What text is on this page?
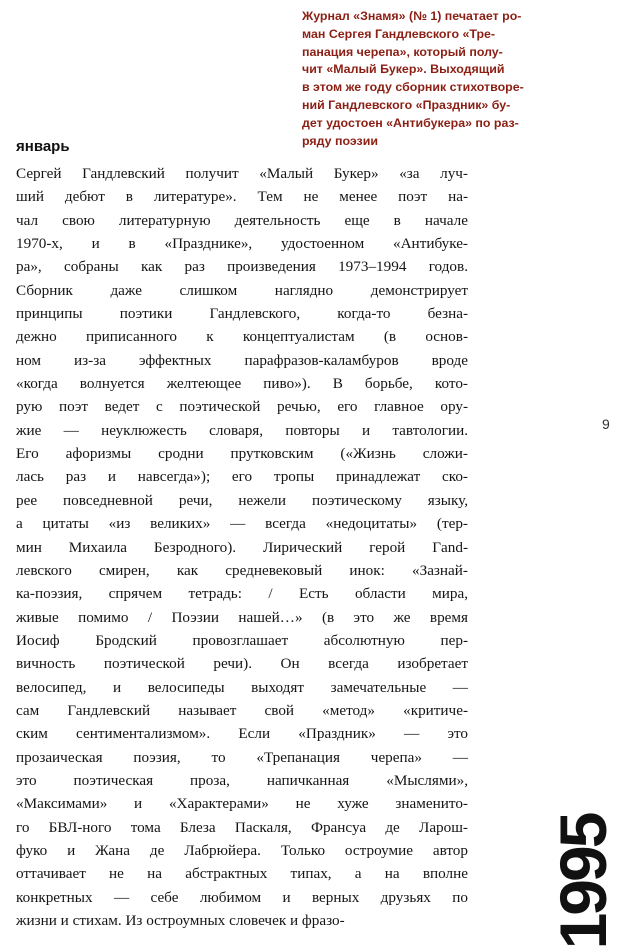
Журнал «Знамя» (№ 1) печатает ро-
ман Сергея Гандлевского «Тре-
панация черепа», который полу-
чит «Малый Букер». Выходящий
в этом же году сборник стихотворе-
ний Гандлевского «Праздник» бу-
дет удостоен «Антибукера» по раз-
ряду поэзии
январь
Сергей Гандлевский получит «Малый Букер» «за луч-
ший дебют в литературе». Тем не менее поэт на-
чал свою литературную деятельность еще в начале
1970-х, и в «Празднике», удостоенном «Антибуке-
ра», собраны как раз произведения 1973–1994 годов.
Сборник даже слишком наглядно демонстрирует
принципы поэтики Гандлевского, когда-то безна-
дежно приписанного к концептуалистам (в основ-
ном из-за эффектных парафразов-каламбуров вроде
«когда волнуется желтеющее пиво»). В борьбе, кото-
рую поэт ведет с поэтической речью, его главное ору-
жие — неуклюжесть словаря, повторы и тавтологии.
Его афоризмы сродни прутковским («Жизнь сложи-
лась раз и навсегда»); его тропы принадлежат ско-
рее повседневной речи, нежели поэтическому языку,
а цитаты «из великих» — всегда «недоцитаты» (тер-
мин Михаила Безродного). Лирический герой Гand-
левского смирен, как средневековый инок: «Зазнай-
ка-поэзия, спрячем тетрадь: / Есть области мира,
живые помимо / Поэзии нашей…» (в это же время
Иосиф Бродский провозглашает абсолютную пер-
вичность поэтической речи). Он всегда изобретает
велосипед, и велосипеды выходят замечательные —
сам Гандлевский называет свой «метод» «критиче-
ским сентиментализмом». Если «Праздник» — это
прозаическая поэзия, то «Трепанация черепа» —
это поэтическая проза, напичканная «Мыслями»,
«Максимами» и «Характерами» не хуже знаменито-
го БВЛ-ного тома Блеза Паскаля, Франсуа де Ларош-
фуко и Жана де Лабрюйера. Только остроумие автор
оттачивает не на абстрактных типах, а на вполне
конкретных — себе любимом и верных друзьях по
жизни и стихам. Из остроумных словечек и фразо-
9
1995
